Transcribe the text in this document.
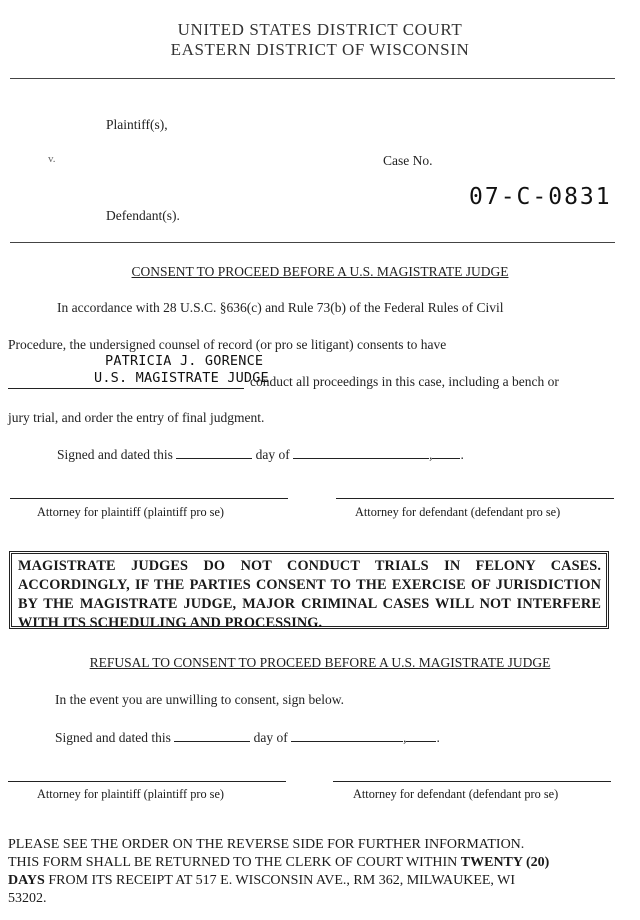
UNITED STATES DISTRICT COURT
EASTERN DISTRICT OF WISCONSIN
Plaintiff(s),
v.	Case No.
07-C-0831
Defendant(s).
CONSENT TO PROCEED BEFORE A U.S. MAGISTRATE JUDGE
In accordance with 28 U.S.C. §636(c) and Rule 73(b) of the Federal Rules of Civil
Procedure, the undersigned counsel of record (or pro se litigant) consents to have
PATRICIA J. GORENCE
U.S. MAGISTRATE JUDGE
conduct all proceedings in this case, including a bench or
jury trial, and order the entry of final judgment.
Signed and dated this	day of	, .
Attorney for plaintiff (plaintiff pro se)	Attorney for defendant (defendant pro se)
MAGISTRATE JUDGES DO NOT CONDUCT TRIALS IN FELONY CASES. ACCORDINGLY, IF THE PARTIES CONSENT TO THE EXERCISE OF JURISDICTION BY THE MAGISTRATE JUDGE, MAJOR CRIMINAL CASES WILL NOT INTERFERE WITH ITS SCHEDULING AND PROCESSING.
REFUSAL TO CONSENT TO PROCEED BEFORE A U.S. MAGISTRATE JUDGE
In the event you are unwilling to consent, sign below.
Signed and dated this	day of	, .
Attorney for plaintiff (plaintiff pro se)	Attorney for defendant (defendant pro se)
PLEASE SEE THE ORDER ON THE REVERSE SIDE FOR FURTHER INFORMATION.
THIS FORM SHALL BE RETURNED TO THE CLERK OF COURT WITHIN TWENTY (20)
DAYS FROM ITS RECEIPT AT 517 E. WISCONSIN AVE., RM 362, MILWAUKEE, WI
53202.
